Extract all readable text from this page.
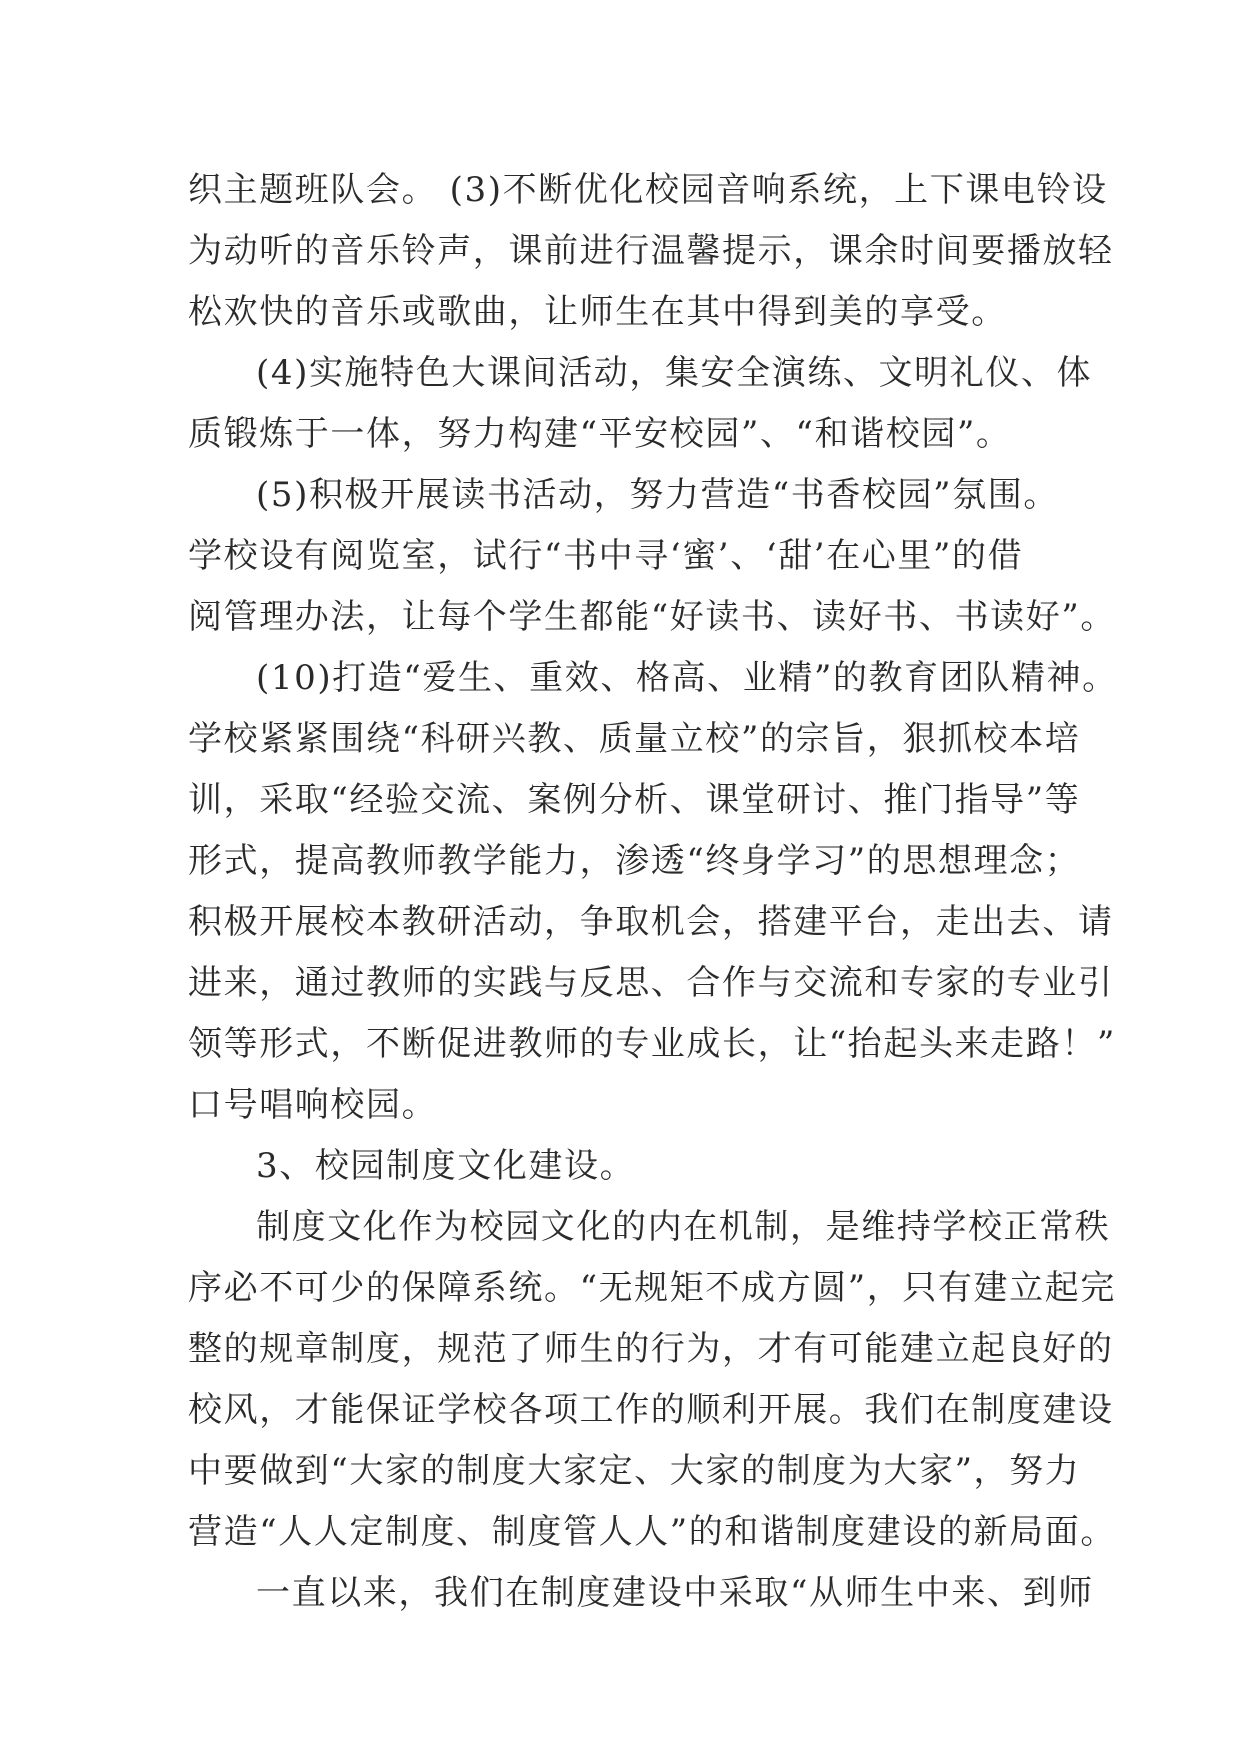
织主题班队会。 (3)不断优化校园音响系统，上下课电铃设
为动听的音乐铃声，课前进行温馨提示，课余时间要播放轻
松欢快的音乐或歌曲，让师生在其中得到美的享受。
(4)实施特色大课间活动，集安全演练、文明礼仪、体
质锻炼于一体，努力构建“平安校园”、“和谐校园”。
(5)积极开展读书活动，努力营造“书香校园”氛围。
学校设有阅览室，试行“书中寻‘蜜’、‘甜’在心里”的借
阅管理办法，让每个学生都能“好读书、读好书、书读好”。
(10)打造“爱生、重效、格高、业精”的教育团队精神。
学校紧紧围绕“科研兴教、质量立校”的宗旨，狠抓校本培
训，采取“经验交流、案例分析、课堂研讨、推门指导”等
形式，提高教师教学能力，渗透“终身学习”的思想理念；
积极开展校本教研活动，争取机会，搭建平台，走出去、请
进来，通过教师的实践与反思、合作与交流和专家的专业引
领等形式，不断促进教师的专业成长，让“抬起头来走路！”
口号唱响校园。
3、校园制度文化建设。
制度文化作为校园文化的内在机制，是维持学校正常秩
序必不可少的保障系统。“无规矩不成方圆”，只有建立起完
整的规章制度，规范了师生的行为，才有可能建立起良好的
校风，才能保证学校各项工作的顺利开展。我们在制度建设
中要做到“大家的制度大家定、大家的制度为大家”，努力
营造“人人定制度、制度管人人”的和谐制度建设的新局面。
一直以来，我们在制度建设中采取“从师生中来、到师
